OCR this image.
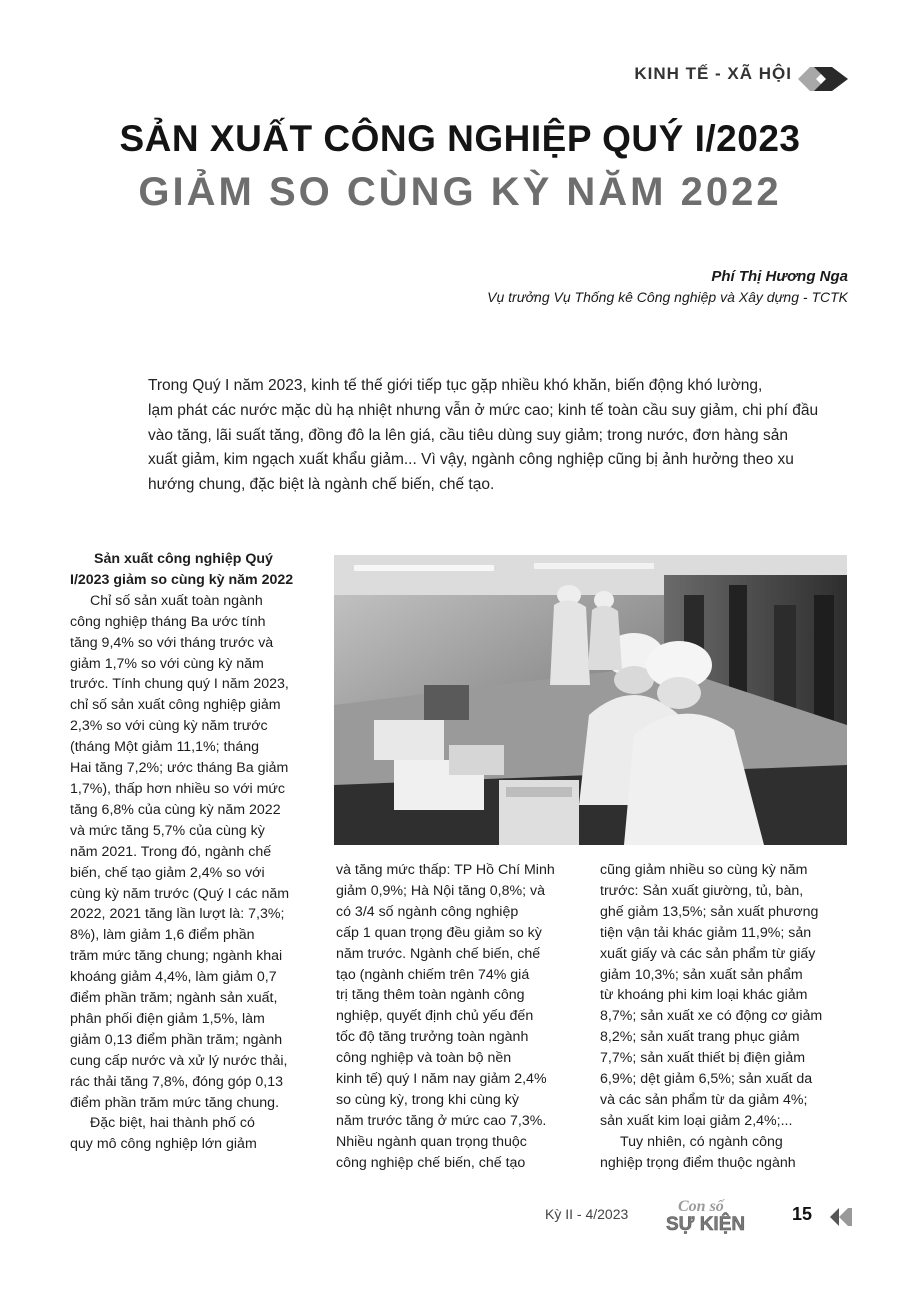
KINH TẾ - XÃ HỘI
SẢN XUẤT CÔNG NGHIỆP QUÝ I/2023
GIẢM SO CÙNG KỲ NĂM 2022
Phí Thị Hương Nga
Vụ trưởng Vụ Thống kê Công nghiệp và Xây dựng - TCTK
Trong Quý I năm 2023, kinh tế thế giới tiếp tục gặp nhiều khó khăn, biến động khó lường,
lạm phát các nước mặc dù hạ nhiệt nhưng vẫn ở mức cao; kinh tế toàn cầu suy giảm, chi phí đầu
vào tăng, lãi suất tăng, đồng đô la lên giá, cầu tiêu dùng suy giảm; trong nước, đơn hàng sản
xuất giảm, kim ngạch xuất khẩu giảm... Vì vậy, ngành công nghiệp cũng bị ảnh hưởng theo xu
hướng chung, đặc biệt là ngành chế biến, chế tạo.
Sản xuất công nghiệp Quý
I/2023 giảm so cùng kỳ năm 2022
Chỉ số sản xuất toàn ngành
công nghiệp tháng Ba ước tính
tăng 9,4% so với tháng trước và
giảm 1,7% so với cùng kỳ năm
trước. Tính chung quý I năm 2023,
chỉ số sản xuất công nghiệp giảm
2,3% so với cùng kỳ năm trước
(tháng Một giảm 11,1%; tháng
Hai tăng 7,2%; ước tháng Ba giảm
1,7%), thấp hơn nhiều so với mức
tăng 6,8% của cùng kỳ năm 2022
và mức tăng 5,7% của cùng kỳ
năm 2021. Trong đó, ngành chế
biến, chế tạo giảm 2,4% so với
cùng kỳ năm trước (Quý I các năm
2022, 2021 tăng lần lượt là: 7,3%;
8%), làm giảm 1,6 điểm phần
trăm mức tăng chung; ngành khai
khoáng giảm 4,4%, làm giảm 0,7
điểm phần trăm; ngành sản xuất,
phân phối điện giảm 1,5%, làm
giảm 0,13 điểm phần trăm; ngành
cung cấp nước và xử lý nước thải,
rác thải tăng 7,8%, đóng góp 0,13
điểm phần trăm mức tăng chung.
Đặc biệt, hai thành phố có
quy mô công nghiệp lớn giảm
và tăng mức thấp: TP Hồ Chí Minh
giảm 0,9%; Hà Nội tăng 0,8%; và
có 3/4 số ngành công nghiệp
cấp 1 quan trọng đều giảm so kỳ
năm trước. Ngành chế biến, chế
tạo (ngành chiếm trên 74% giá
trị tăng thêm toàn ngành công
nghiệp, quyết định chủ yếu đến
tốc độ tăng trưởng toàn ngành
công nghiệp và toàn bộ nền
kinh tế) quý I năm nay giảm 2,4%
so cùng kỳ, trong khi cùng kỳ
năm trước tăng ở mức cao 7,3%.
Nhiều ngành quan trọng thuộc
công nghiệp chế biến, chế tạo
cũng giảm nhiều so cùng kỳ năm
trước: Sản xuất giường, tủ, bàn,
ghế giảm 13,5%; sản xuất phương
tiện vận tải khác giảm 11,9%; sản
xuất giấy và các sản phẩm từ giấy
giảm 10,3%; sản xuất sản phẩm
từ khoáng phi kim loại khác giảm
8,7%; sản xuất xe có động cơ giảm
8,2%; sản xuất trang phục giảm
7,7%; sản xuất thiết bị điện giảm
6,9%; dệt giảm 6,5%; sản xuất da
và các sản phẩm từ da giảm 4%;
sản xuất kim loại giảm 2,4%;...
Tuy nhiên, có ngành công
nghiệp trọng điểm thuộc ngành
Kỳ II - 4/2023	Con số
SỰ KIỆN	15
